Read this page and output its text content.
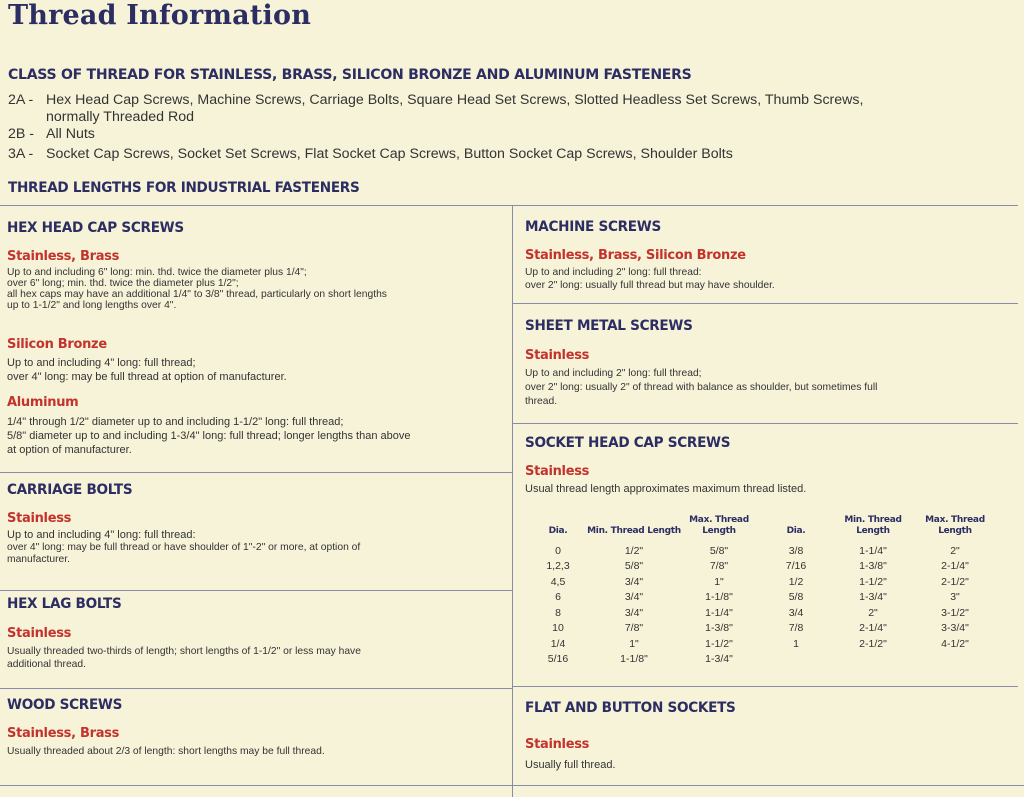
Thread Information
CLASS OF THREAD FOR STAINLESS, BRASS, SILICON BRONZE AND ALUMINUM FASTENERS
2A - Hex Head Cap Screws, Machine Screws, Carriage Bolts, Square Head Set Screws, Slotted Headless Set Screws, Thumb Screws,
normally Threaded Rod
2B - All Nuts
3A - Socket Cap Screws, Socket Set Screws, Flat Socket Cap Screws, Button Socket Cap Screws, Shoulder Bolts
THREAD LENGTHS FOR INDUSTRIAL FASTENERS
HEX HEAD CAP SCREWS
Stainless, Brass
Up to and including 6" long: min. thd. twice the diameter plus 1/4";
over 6" long; min. thd. twice the diameter plus 1/2";
all hex caps may have an additional 1/4" to 3/8" thread, particularly on short lengths
up to 1-1/2" and long lengths over 4".
Silicon Bronze
Up to and including 4" long: full thread;
over 4" long: may be full thread at option of manufacturer.
Aluminum
1/4" through 1/2" diameter up to and including 1-1/2" long: full thread;
5/8" diameter up to and including 1-3/4" long: full thread; longer lengths than above
at option of manufacturer.
CARRIAGE BOLTS
Stainless
Up to and including 4" long: full thread:
over 4" long: may be full thread or have shoulder of 1"-2" or more, at option of
manufacturer.
HEX LAG BOLTS
Stainless
Usually threaded two-thirds of length; short lengths of 1-1/2" or less may have
additional thread.
WOOD SCREWS
Stainless, Brass
Usually threaded about 2/3 of length: short lengths may be full thread.
MACHINE SCREWS
Stainless, Brass, Silicon Bronze
Up to and including 2" long: full thread:
over 2" long: usually full thread but may have shoulder.
SHEET METAL SCREWS
Stainless
Up to and including 2" long: full thread;
over 2" long: usually 2" of thread with balance as shoulder, but sometimes full
thread.
SOCKET HEAD CAP SCREWS
Stainless
Usual thread length approximates maximum thread listed.
Dia.	Min. Thread Length	Max. Thread Length	Dia.	Min. Thread Length	Max. Thread Length

0	1/2"	5/8"	3/8	1-1/4"	2"
1,2,3	5/8"	7/8"	7/16	1-3/8"	2-1/4"
4,5	3/4"	1"	1/2	1-1/2"	2-1/2"
6	3/4"	1-1/8"	5/8	1-3/4"	3"
8	3/4"	1-1/4"	3/4	2"	3-1/2"
10	7/8"	1-3/8"	7/8	2-1/4"	3-3/4"
1/4	1"	1-1/2"	1	2-1/2"	4-1/2"
5/16	1-1/8"	1-3/4"			
FLAT AND BUTTON SOCKETS
Stainless
Usually full thread.
